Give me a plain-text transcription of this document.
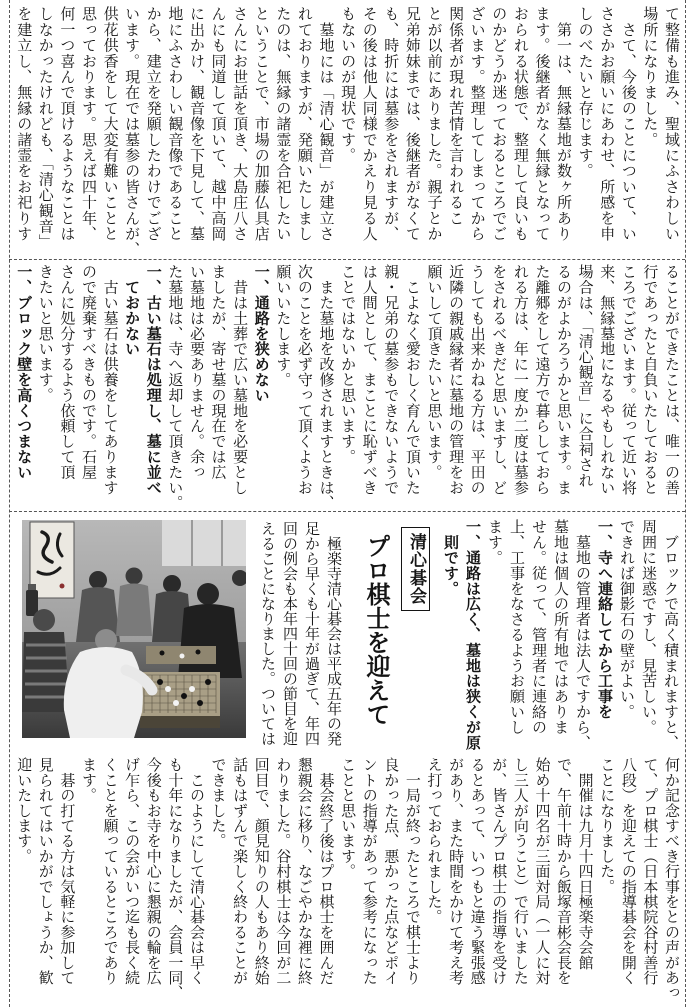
て整備も進み、聖域にふさわしい
場所になりました。
　さて、今後のことについて、い
ささかお願いにあわせ、所感を申
しのべたいと存じます。
　第一は、無縁墓地が数ヶ所あり
ます。後継者がなく無縁となって
おられる状態で、整理して良いも
のかどうか迷っておるところでご
ざいます。整理してしまってから
関係者が現れ苦情を言われるこ
とが以前にありました。親子とか
兄弟姉妹までは、後継者がなくて
も、時折には墓参をされますが、
その後は他人同様でかえり見る人
もないのが現状です。
　墓地には「清心観音」が建立さ
れておりますが、発願いたしまし
たのは、無縁の諸霊を合祀したい
ということで、市場の加藤仏具店
さんにお世話を頂き、大島庄八さ
んにも同道して頂いて、越中高岡
に出かけ、観音像を下見して、墓
地にふさわしい観音像であること
から、建立を発願したわけでござ
います。現在では墓参の皆さんが、
供花供香をして大変有難いことと
思っております。思えば四十年、
何一つ喜んで頂けるようなことは
しなかったけれども、「清心観音」
を建立し、無縁の諸霊をお祀りす
ることができたことは、唯一の善
行であったと自負いたしておると
ころでございます。従って近い将
来、無縁墓地になるやもしれない
場合は、「清心観音」に合祠され
るのがよかろうかと思います。ま
た離郷をして遠方で暮らしておら
れる方は、年に一度か二度は墓参
をされるべきだと思いますし、ど
うしても出来かねる方は、平田の
近隣の親戚縁者に墓地の管理をお
願いして頂きたいと思います。
　こよなく愛おしく育んで頂いた
親・兄弟の墓参もできないようで
は人間として、まことに恥ずべき
ことではないかと思います。
　また墓地を改修されますときは、
次のことを必ず守って頂くようお
願いいたします。
一、通路を狭めない
　昔は土葬で広い墓地を必要とし
ましたが、寄せ墓の現在では広
い墓地は必要ありません。余っ
た墓地は、寺へ返却して頂きたい。
一、古い墓石は処理し、墓に並べ
　ておかない
　古い墓石は供養をしてあります
ので廃棄すべきものです。石屋
さんに処分するよう依頼して頂
きたいと思います。
一、ブロック壁を高くつまない
　ブロックで高く積まれますと、
周囲に迷惑ですし、見苦しい。
できれば御影石の壁がよい。
一、寺へ連絡してから工事を
　墓地の管理者は法人ですから、
墓地は個人の所有地ではありま
せん。従って、管理者に連絡の
上、工事をなさるようお願いし
ます。
一、通路は広く、墓地は狭くが原
　則です。
清心碁会
プロ棋士を迎えて
　極楽寺清心碁会は平成五年の発
足から早くも十年が過ぎて、年四
回の例会も本年四十回の節目を迎
えることになりました。ついては
何か記念すべき行事をとの声があっ
て、プロ棋士（日本棋院谷村善行
八段）を迎えての指導碁会を開く
ことになりました。
　開催は九月十四日極楽寺会館
で、午前十時から飯塚音彬会長を
始め十四名が三面対局（一人に対
し三人が向うこと）で行いました
が、皆さんプロ棋士の指導を受け
るとあって、いつもと違う緊張感
があり、また時間をかけて考え考
え打っておられました。
　一局が終ったところで棋士より
良かった点、悪かった点などポイ
ントの指導があって参考になった
ことと思います。
　碁会終了後はプロ棋士を囲んだ
懇親会に移り、なごやかな裡に終
わりました。谷村棋士は今回が二
回目で、顔見知りの人もあり終始
話もはずんで楽しく終わることが
できました。
　このようにして清心碁会は早く
も十年になりましたが、会員一同、
今後もお寺を中心に懇親の輪を広
げ乍ら、この会がいつ迄も長く続
くことを願っているところであり
ます。
　碁の打てる方は気軽に参加して
見られてはいかがでしょうか、歓
迎いたします。
